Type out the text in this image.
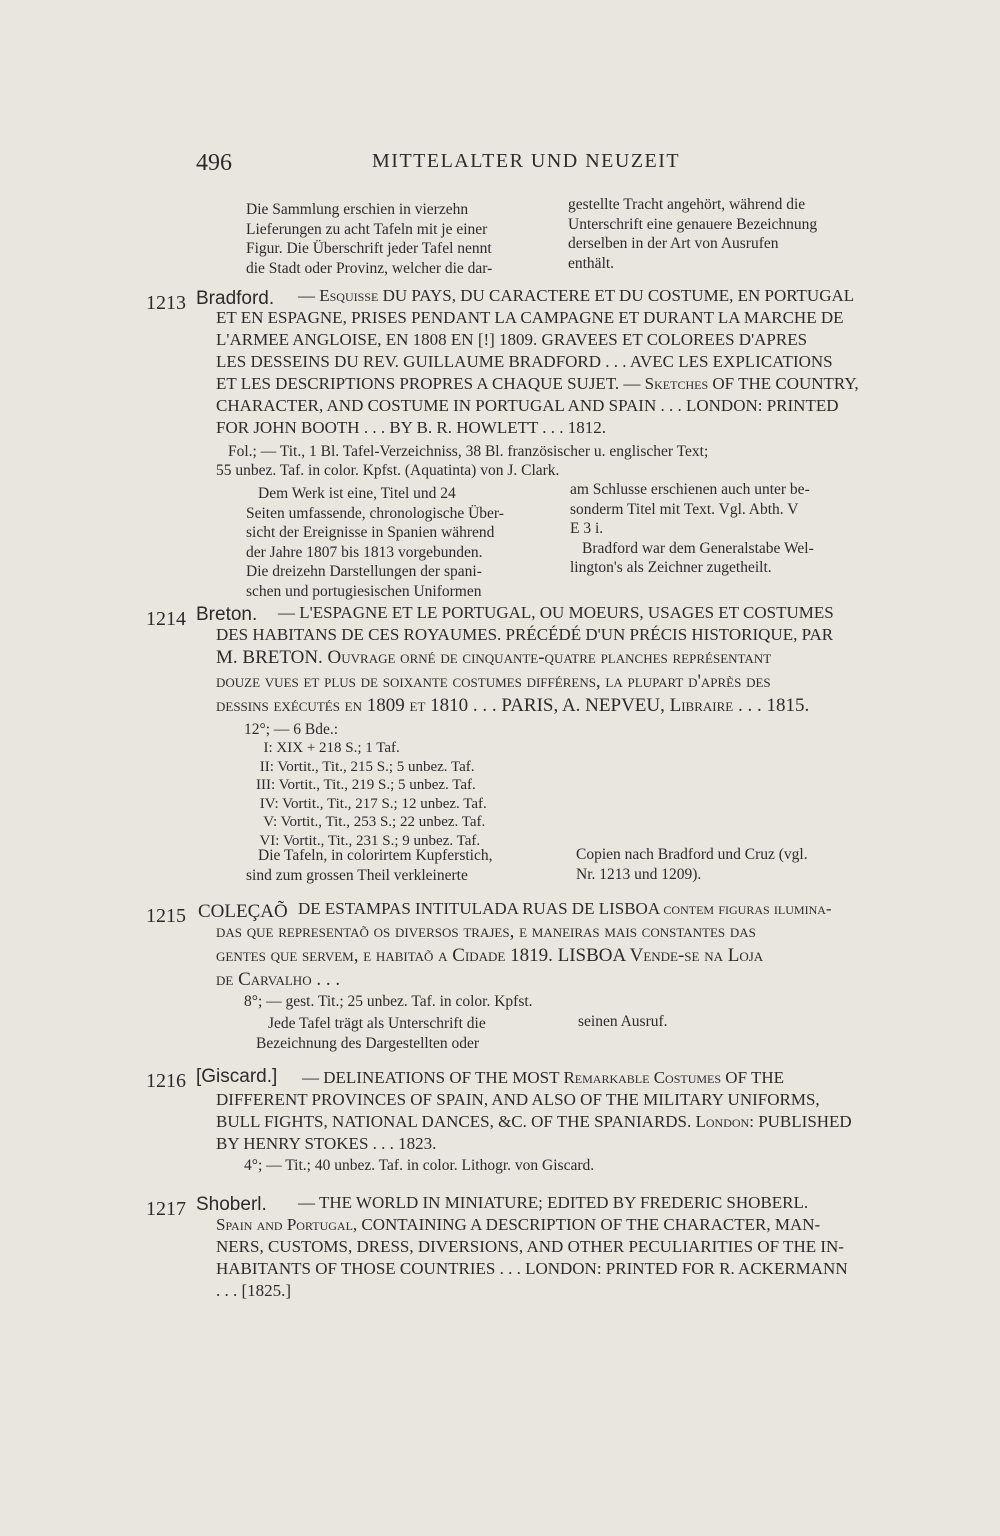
496	MITTELALTER UND NEUZEIT
Die Sammlung erschien in vierzehn
Lieferungen zu acht Tafeln mit je einer
Figur. Die Überschrift jeder Tafel nennt
die Stadt oder Provinz, welcher die dar-
gestellte Tracht angehört, während die
Unterschrift eine genauere Bezeichnung
derselben in der Art von Ausrufen
enthält.
1213 Bradford.	— Esquisse DU PAYS, DU CARACTERE ET DU COSTUME, EN PORTUGAL
ET EN ESPAGNE, PRISES PENDANT LA CAMPAGNE ET DURANT LA MARCHE DE
L'ARMEE ANGLOISE, EN 1808 EN [!] 1809. GRAVEES ET COLOREES D'APRES
LES DESSEINS DU REV. GUILLAUME BRADFORD . . . AVEC LES EXPLICATIONS
ET LES DESCRIPTIONS PROPRES A CHAQUE SUJET. — Sketches OF THE COUNTRY,
CHARACTER, AND COSTUME IN PORTUGAL AND SPAIN . . . LONDON: PRINTED
FOR JOHN BOOTH . . . BY B. R. HOWLETT . . . 1812.
Fol.; — Tit., 1 Bl. Tafel-Verzeichniss, 38 Bl. französischer u. englischer Text;
55 unbez. Taf. in color. Kpfst. (Aquatinta) von J. Clark.
Dem Werk ist eine, Titel und 24
Seiten umfassende, chronologische Über-
sicht der Ereignisse in Spanien während
der Jahre 1807 bis 1813 vorgebunden.
Die dreizehn Darstellungen der spani-
schen und portugiesischen Uniformen
am Schlusse erschienen auch unter be-
sonderm Titel mit Text. Vgl. Abth. V
E 3 i.
Bradford war dem Generalstabe Wel-
lington's als Zeichner zugetheilt.
1214 Breton.	— L'ESPAGNE ET LE PORTUGAL, OU MOEURS, USAGES ET COSTUMES
DES HABITANS DE CES ROYAUMES. PRÉCÉDÉ D'UN PRÉCIS HISTORIQUE, PAR
M. BRETON. Ouvrage orné de cinquante-quatre planches représentant
douze vues et plus de soixante costumes différens, la plupart d'après des
dessins exécutés en 1809 et 1810 . . . PARIS, A. NEPVEU, Libraire . . . 1815.
12°; — 6 Bde.:
I: XIX + 218 S.; 1 Taf.
II: Vortit., Tit., 215 S.; 5 unbez. Taf.
III: Vortit., Tit., 219 S.; 5 unbez. Taf.
IV: Vortit., Tit., 217 S.; 12 unbez. Taf.
V: Vortit., Tit., 253 S.; 22 unbez. Taf.
VI: Vortit., Tit., 231 S.; 9 unbez. Taf.
Die Tafeln, in colorirtem Kupferstich,
sind zum grossen Theil verkleinerte
Copien nach Bradford und Cruz (vgl.
Nr. 1213 und 1209).
1215 COLEÇAÕ DE ESTAMPAS INTITULADA RUAS DE LISBOA contem figuras ilumina-
das que representaõ os diversos trajes, e maneiras mais constantes das
gentes que servem, e habitaõ a Cidade 1819. LISBOA Vende-se na Loja
de Carvalho . . .
8°; — gest. Tit.; 25 unbez. Taf. in color. Kpfst.
Jede Tafel trägt als Unterschrift die
Bezeichnung des Dargestellten oder
seinen Ausruf.
1216 [Giscard.]	— DELINEATIONS OF THE MOST Remarkable Costumes OF THE
DIFFERENT PROVINCES OF SPAIN, AND ALSO OF THE MILITARY UNIFORMS,
BULL FIGHTS, NATIONAL DANCES, &C. OF THE SPANIARDS. London: PUBLISHED
BY HENRY STOKES . . . 1823.
4°; — Tit.; 40 unbez. Taf. in color. Lithogr. von Giscard.
1217 Shoberl.	— THE WORLD IN MINIATURE; EDITED BY FREDERIC SHOBERL.
Spain and Portugal, CONTAINING A DESCRIPTION OF THE CHARACTER, MAN-
NERS, CUSTOMS, DRESS, DIVERSIONS, AND OTHER PECULIARITIES OF THE IN-
HABITANTS OF THOSE COUNTRIES . . . LONDON: PRINTED FOR R. ACKERMANN
. . . [1825.]
